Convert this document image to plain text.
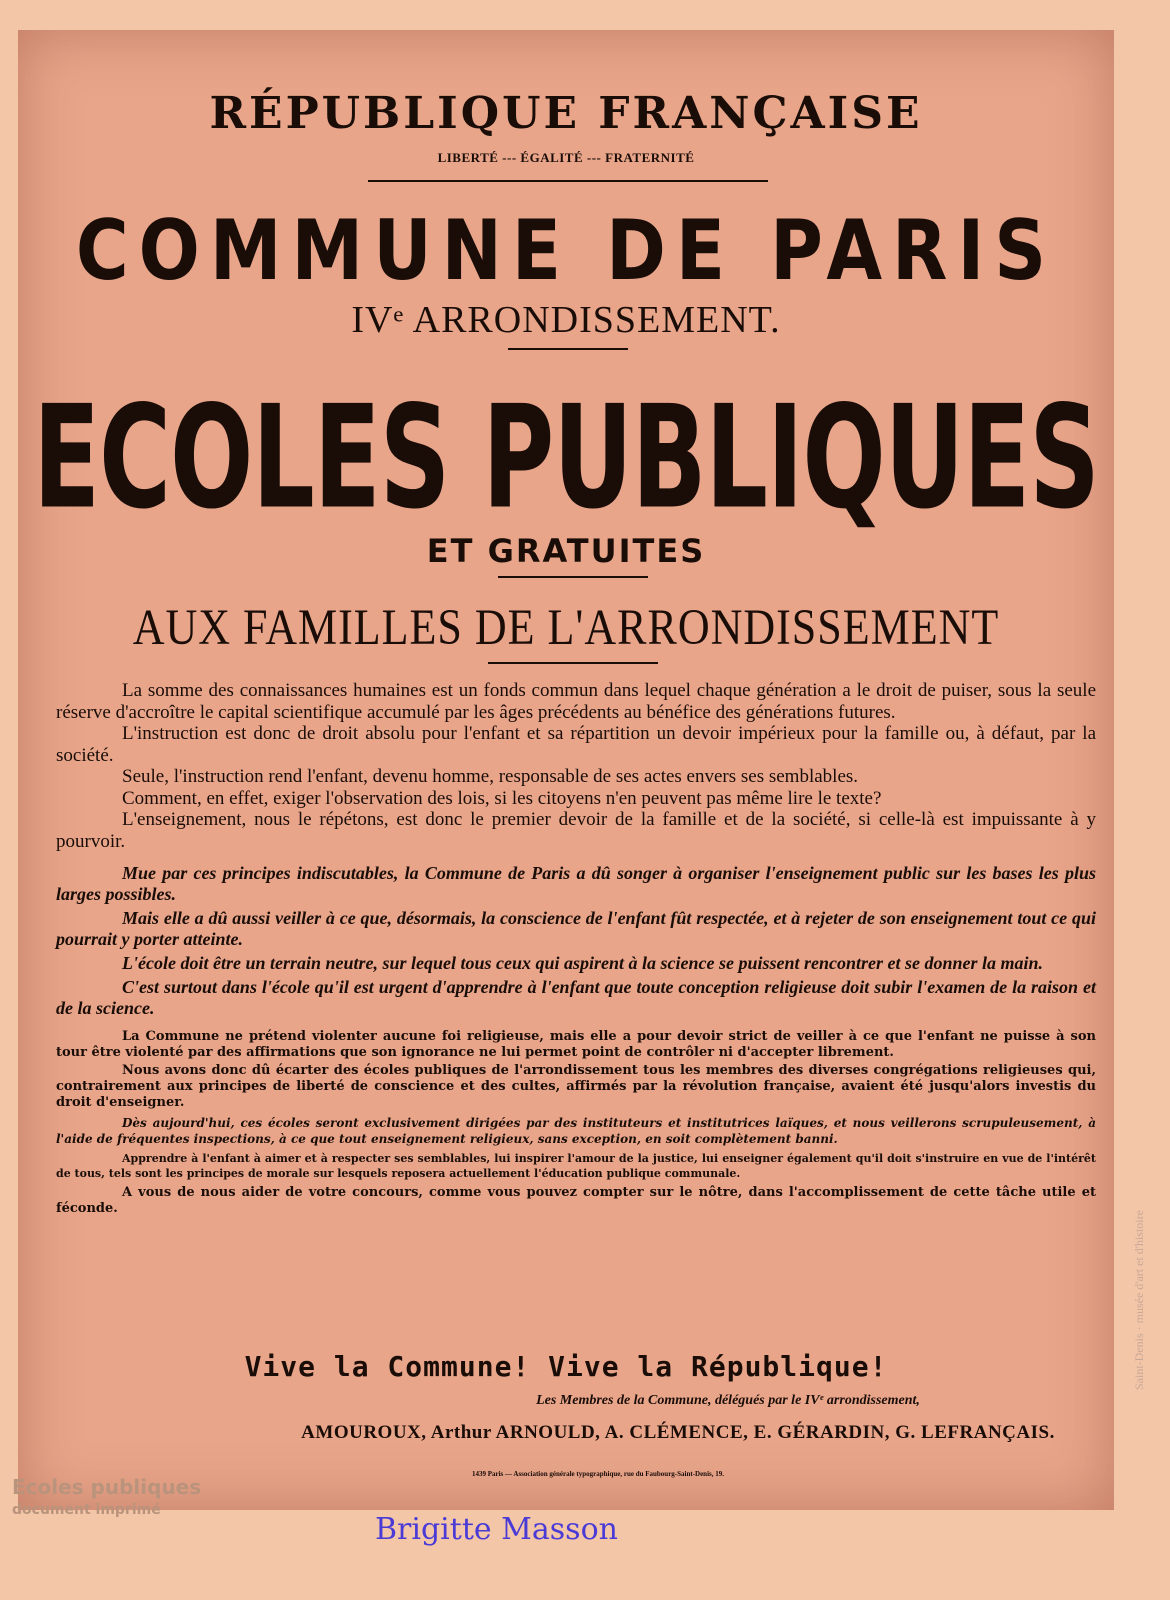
RÉPUBLIQUE FRANÇAISE
LIBERTÉ --- ÉGALITÉ --- FRATERNITÉ
COMMUNE DE PARIS
IVᵉ ARRONDISSEMENT.
ECOLES PUBLIQUES
ET GRATUITES
AUX FAMILLES DE L'ARRONDISSEMENT

La somme des connaissances humaines est un fonds commun dans lequel chaque génération a le droit de puiser, sous la seule réserve d'accroître le capital scientifique accumulé par les âges précédents au bénéfice des générations futures.

L'instruction est donc de droit absolu pour l'enfant et sa répartition un devoir impérieux pour la famille ou, à défaut, par la société.

Seule, l'instruction rend l'enfant, devenu homme, responsable de ses actes envers ses semblables.

Comment, en effet, exiger l'observation des lois, si les citoyens n'en peuvent pas même lire le texte?

L'enseignement, nous le répétons, est donc le premier devoir de la famille et de la société, si celle-là est impuissante à y pourvoir.

Mue par ces principes indiscutables, la Commune de Paris a dû songer à organiser l'enseignement public sur les bases les plus larges possibles.

Mais elle a dû aussi veiller à ce que, désormais, la conscience de l'enfant fût respectée, et à rejeter de son enseignement tout ce qui pourrait y porter atteinte.

L'école doit être un terrain neutre, sur lequel tous ceux qui aspirent à la science se puissent rencontrer et se donner la main.

C'est surtout dans l'école qu'il est urgent d'apprendre à l'enfant que toute conception religieuse doit subir l'examen de la raison et de la science.

La Commune ne prétend violenter aucune foi religieuse, mais elle a pour devoir strict de veiller à ce que l'enfant ne puisse à son tour être violenté par des affirmations que son ignorance ne lui permet point de contrôler ni d'accepter librement.

Nous avons donc dû écarter des écoles publiques de l'arrondissement tous les membres des diverses congrégations religieuses qui, contrairement aux principes de liberté de conscience et des cultes, affirmés par la révolution française, avaient été jusqu'alors investis du droit d'enseigner.

Dès aujourd'hui, ces écoles seront exclusivement dirigées par des instituteurs et institutrices laïques, et nous veillerons scrupuleusement, à l'aide de fréquentes inspections, à ce que tout enseignement religieux, sans exception, en soit complètement banni.

Apprendre à l'enfant à aimer et à respecter ses semblables, lui inspirer l'amour de la justice, lui enseigner également qu'il doit s'instruire en vue de l'intérêt de tous, tels sont les principes de morale sur lesquels reposera actuellement l'éducation publique communale.

A vous de nous aider de votre concours, comme vous pouvez compter sur le nôtre, dans l'accomplissement de cette tâche utile et féconde.

Vive la Commune! Vive la République!
Les Membres de la Commune, délégués par le IVᵉ arrondissement,
AMOUROUX, Arthur ARNOULD, A. CLÉMENCE, E. GÉRARDIN, G. LEFRANÇAIS.
1439 Paris — Association générale typographique, rue du Faubourg-Saint-Denis, 19.
Ecoles publiques
document imprimé
Brigitte Masson
Saint-Denis · musée d'art et d'histoire
